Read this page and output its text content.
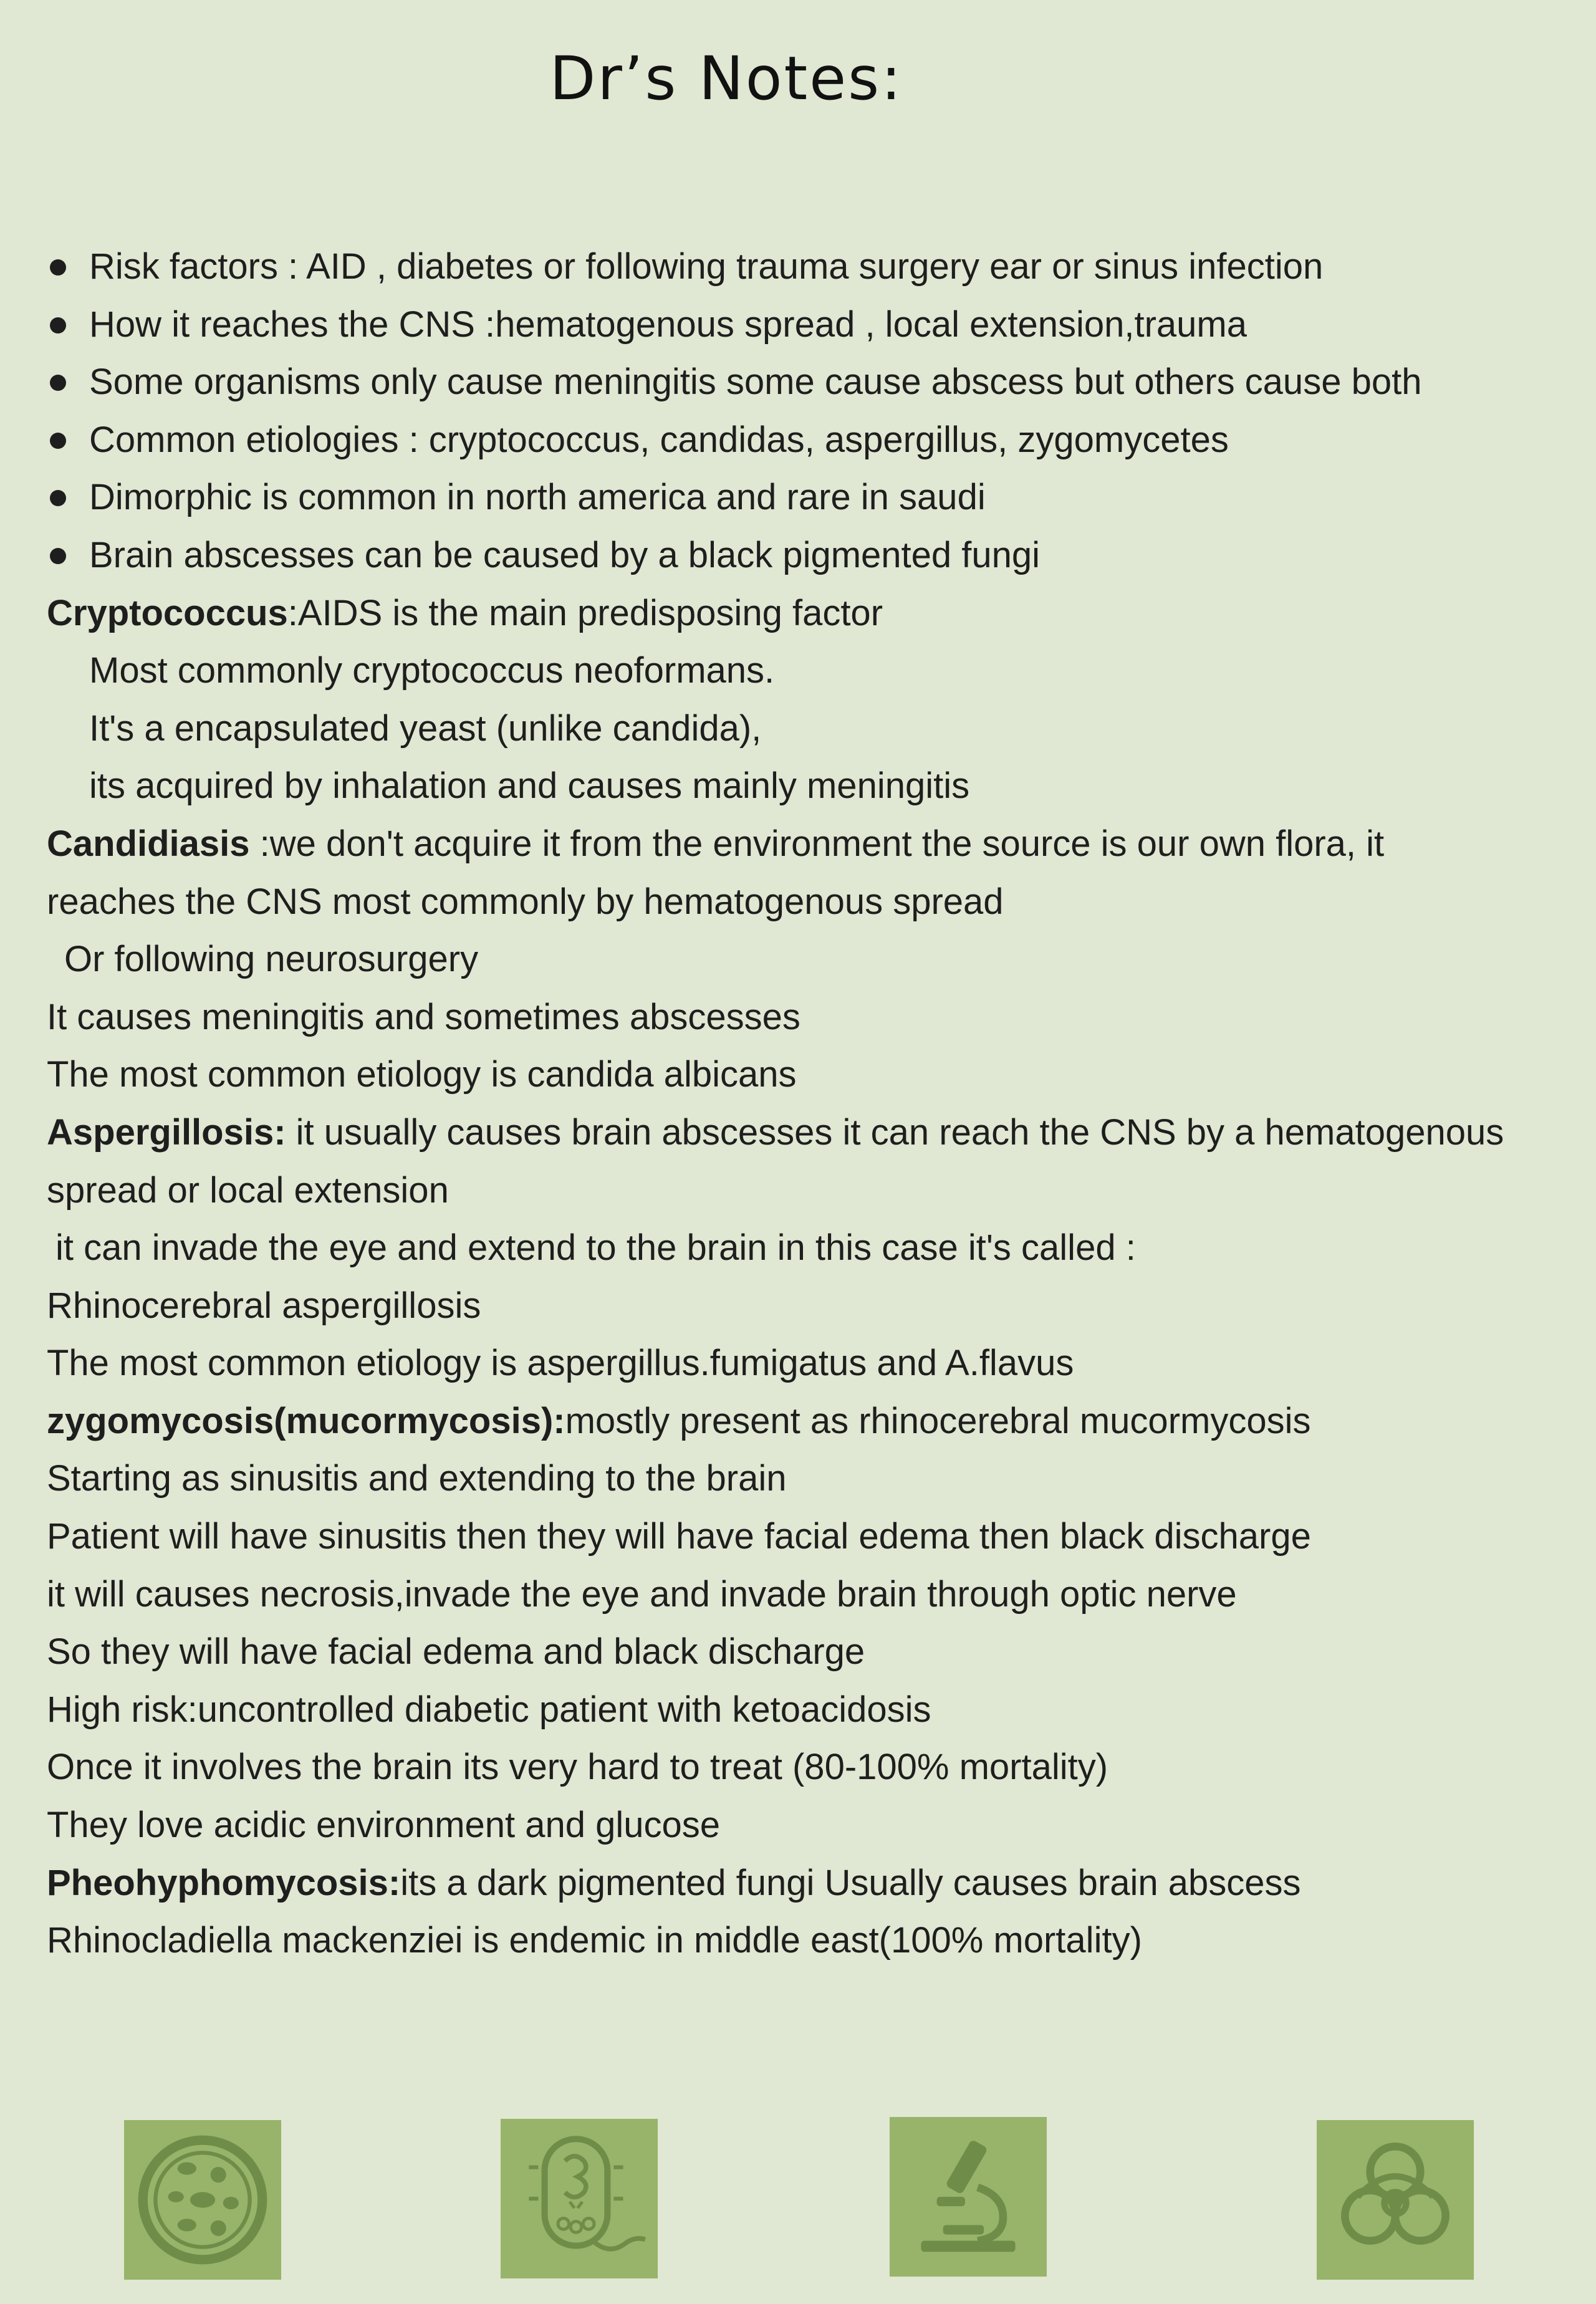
Dr’s Notes:
Risk factors : AID , diabetes or following trauma surgery ear or sinus infection
How it reaches the CNS :hematogenous spread , local extension,trauma
Some organisms only cause meningitis some cause abscess but others cause both
Common etiologies : cryptococcus, candidas, aspergillus, zygomycetes
Dimorphic is common in north america and rare in saudi
Brain abscesses can be caused by a black pigmented fungi
Cryptococcus:AIDS is the main predisposing factor
Most commonly cryptococcus neoformans.
It's a encapsulated yeast (unlike candida),
its acquired by inhalation and causes mainly meningitis
Candidiasis :we don't acquire it from the environment the source is our own flora, it
reaches the CNS most commonly by hematogenous spread
Or following neurosurgery
It causes meningitis and sometimes abscesses
The most common etiology is candida albicans
Aspergillosis: it usually causes brain abscesses it can reach the CNS by a hematogenous
spread or local extension
it can invade the eye and extend to the brain in this case it's called :
Rhinocerebral aspergillosis
The most common etiology is aspergillus.fumigatus and A.flavus
zygomycosis(mucormycosis):mostly present as rhinocerebral mucormycosis
Starting as sinusitis and extending to the brain
Patient will have sinusitis then they will have facial edema then black discharge
it will causes necrosis,invade the eye and invade brain through optic nerve
So they will have facial edema and black discharge
High risk:uncontrolled diabetic patient with ketoacidosis
Once it involves the brain its very hard to treat (80-100% mortality)
They love acidic environment and glucose
Pheohyphomycosis:its a dark pigmented fungi Usually causes brain abscess
Rhinocladiella mackenziei is endemic in middle east(100% mortality)
